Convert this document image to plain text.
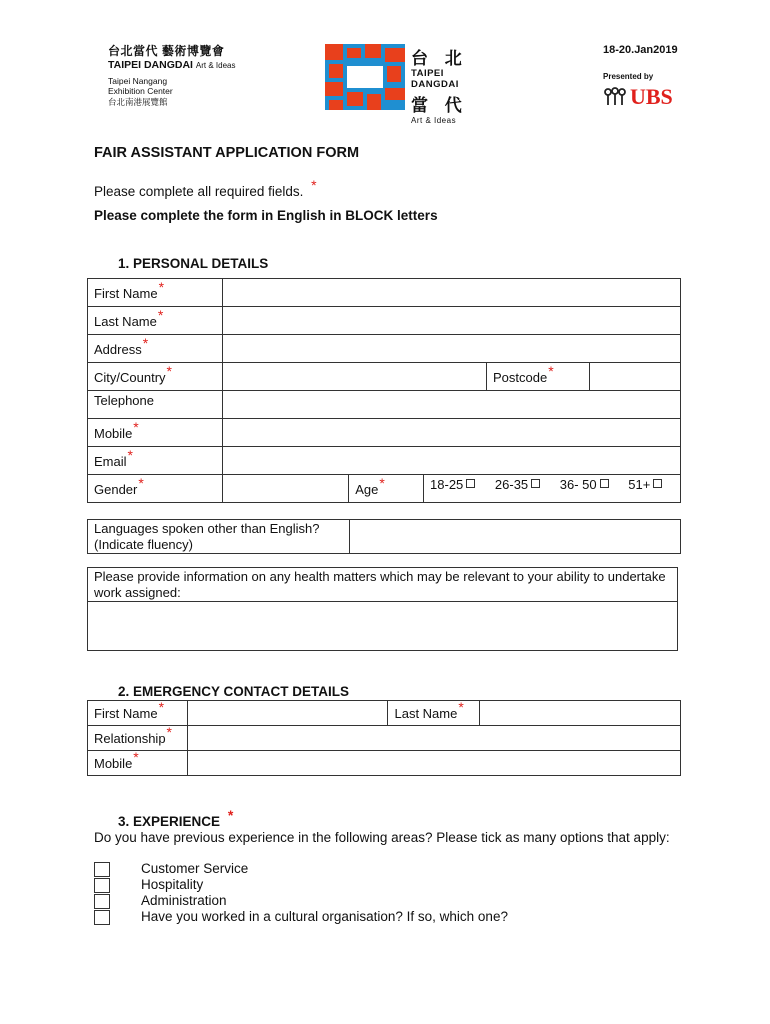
台北當代 藝術博覽會
TAIPEI DANGDAI Art & Ideas
Taipei Nangang
Exhibition Center
台北南港展覽館
台 北
TAIPEI
DANGDAI
當 代
Art & Ideas
18-20.Jan2019
Presented by
UBS
FAIR ASSISTANT APPLICATION FORM
Please complete all required fields. *
Please complete the form in English in BLOCK letters
1. PERSONAL DETAILS
First Name*					
Last Name*					
Address*					
City/Country*				Postcode*	
Telephone					
Mobile*					
Email*					
Gender*		Age*	18-25 26-35 36- 50 51+		
Languages spoken other than English?
(Indicate fluency)

Please provide information on any health matters which may be relevant to your ability to undertake work assigned:

2. EMERGENCY CONTACT DETAILS
First Name*		Last Name*	
Relationship*			
Mobile*			
3. EXPERIENCE *
Do you have previous experience in the following areas? Please tick as many options that apply:
Customer Service
Hospitality
Administration
Have you worked in a cultural organisation? If so, which one?
